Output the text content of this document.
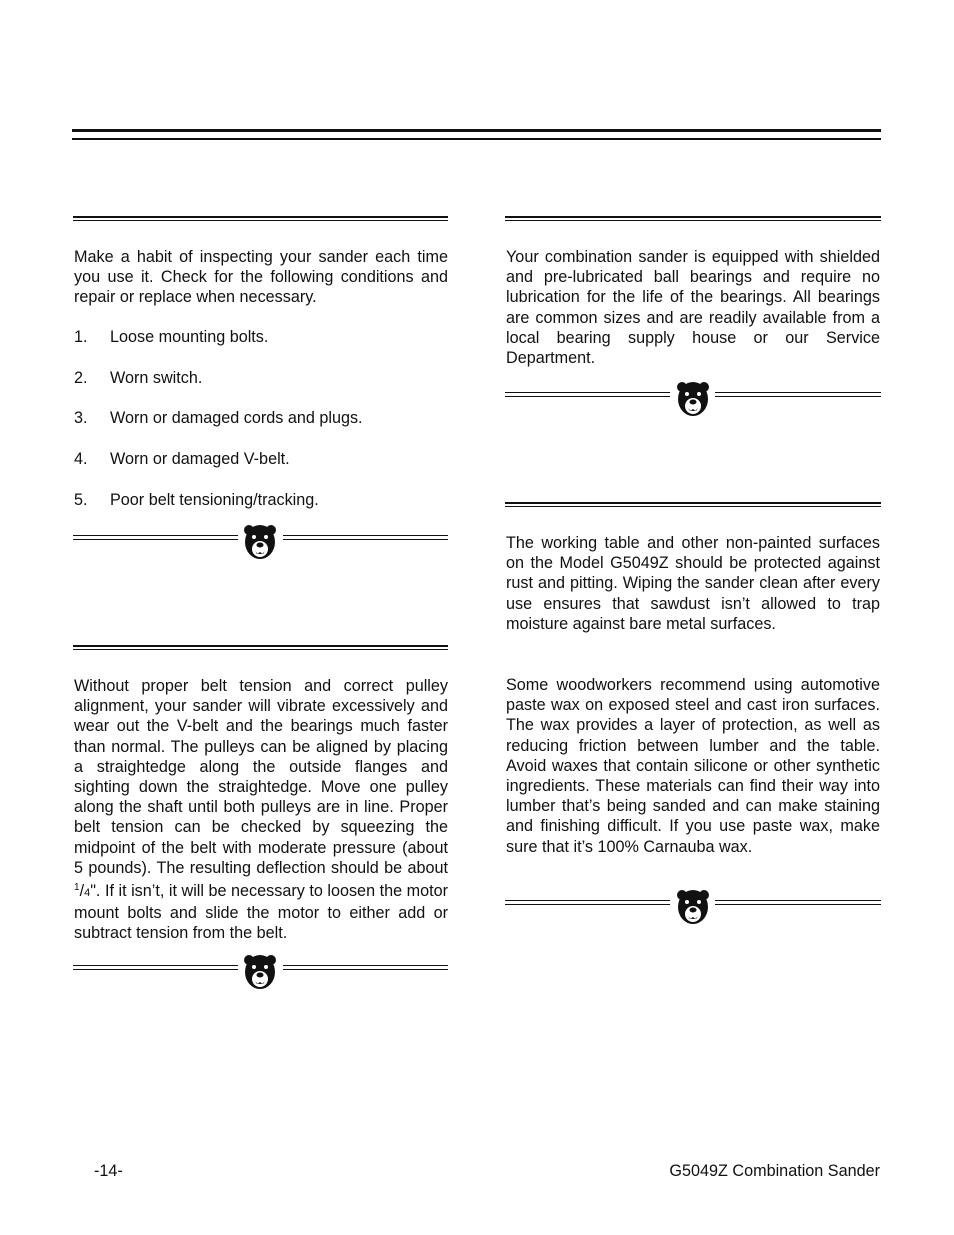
Make a habit of inspecting your sander each time you use it. Check for the following conditions and repair or replace when necessary.

1. Loose mounting bolts.
2. Worn switch.
3. Worn or damaged cords and plugs.
4. Worn or damaged V-belt.
5. Poor belt tensioning/tracking.

Without proper belt tension and correct pulley alignment, your sander will vibrate excessively and wear out the V-belt and the bearings much faster than normal. The pulleys can be aligned by placing a straightedge along the outside flanges and sighting down the straightedge. Move one pulley along the shaft until both pulleys are in line. Proper belt tension can be checked by squeezing the midpoint of the belt with moderate pressure (about 5 pounds). The resulting deflection should be about $^1$/4". If it isn’t, it will be necessary to loosen the motor mount bolts and slide the motor to either add or subtract tension from the belt.

Your combination sander is equipped with shielded and pre-lubricated ball bearings and require no lubrication for the life of the bearings. All bearings are common sizes and are readily available from a local bearing supply house or our Service Department.

The working table and other non-painted surfaces on the Model G5049Z should be protected against rust and pitting. Wiping the sander clean after every use ensures that sawdust isn’t allowed to trap moisture against bare metal surfaces.

Some woodworkers recommend using automotive paste wax on exposed steel and cast iron surfaces. The wax provides a layer of protection, as well as reducing friction between lumber and the table. Avoid waxes that contain silicone or other synthetic ingredients. These materials can find their way into lumber that’s being sanded and can make staining and finishing difficult. If you use paste wax, make sure that it’s 100% Carnauba wax.

-14-	G5049Z Combination Sander
